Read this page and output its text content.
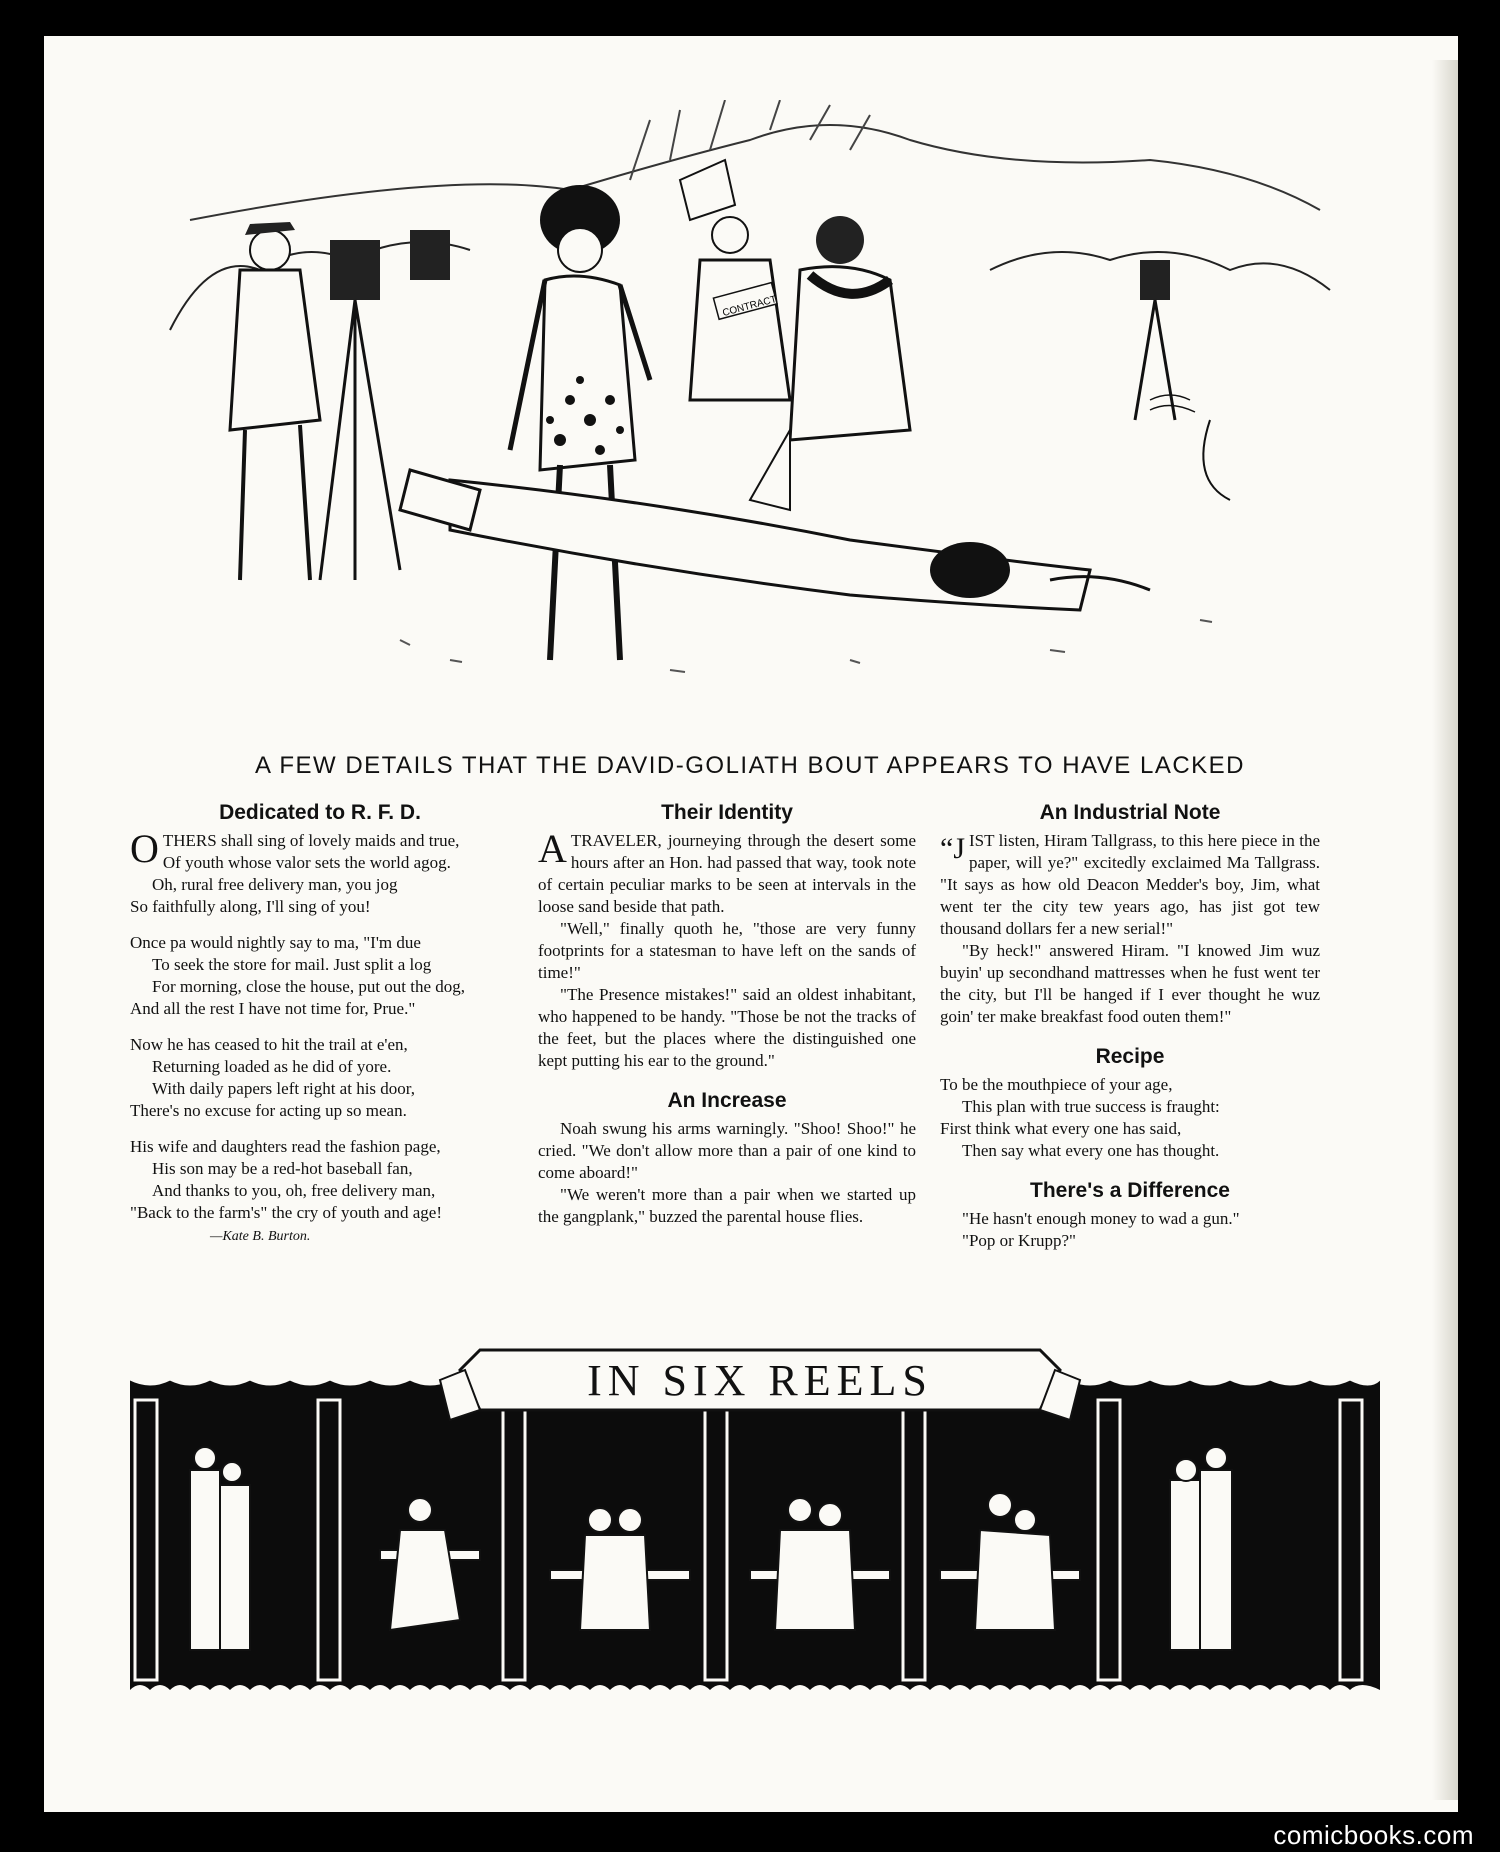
CONTRACT
A FEW DETAILS THAT THE DAVID-GOLIATH BOUT APPEARS TO HAVE LACKED
Dedicated to R. F. D.

OTHERS shall sing of lovely maids and true,

Of youth whose valor sets the world agog.

Oh, rural free delivery man, you jog

So faithfully along, I'll sing of you!

Once pa would nightly say to ma, "I'm due

To seek the store for mail. Just split a log

For morning, close the house, put out the dog,

And all the rest I have not time for, Prue."

Now he has ceased to hit the trail at e'en,

Returning loaded as he did of yore.

With daily papers left right at his door,

There's no excuse for acting up so mean.

His wife and daughters read the fashion page,

His son may be a red-hot baseball fan,

And thanks to you, oh, free delivery man,

"Back to the farm's" the cry of youth and age! —Kate B. Burton.

Their Identity

ATRAVELER, journeying through the desert some hours after an Hon. had passed that way, took note of certain peculiar marks to be seen at intervals in the loose sand beside that path.

"Well," finally quoth he, "those are very funny footprints for a statesman to have left on the sands of time!"

"The Presence mistakes!" said an oldest inhabitant, who happened to be handy. "Those be not the tracks of the feet, but the places where the distinguished one kept putting his ear to the ground."

An Increase

Noah swung his arms warningly. "Shoo! Shoo!" he cried. "We don't allow more than a pair of one kind to come aboard!"

"We weren't more than a pair when we started up the gangplank," buzzed the parental house flies.

An Industrial Note

“JIST listen, Hiram Tallgrass, to this here piece in the paper, will ye?" excitedly exclaimed Ma Tallgrass. "It says as how old Deacon Medder's boy, Jim, what went ter the city tew years ago, has jist got tew thousand dollars fer a new serial!"

"By heck!" answered Hiram. "I knowed Jim wuz buyin' up secondhand mattresses when he fust went ter the city, but I'll be hanged if I ever thought he wuz goin' ter make breakfast food outen them!"

Recipe

To be the mouthpiece of your age,

This plan with true success is fraught:

First think what every one has said,

Then say what every one has thought.

There's a Difference

"He hasn't enough money to wad a gun."

"Pop or Krupp?"

IN SIX REELS
comicbooks.com
